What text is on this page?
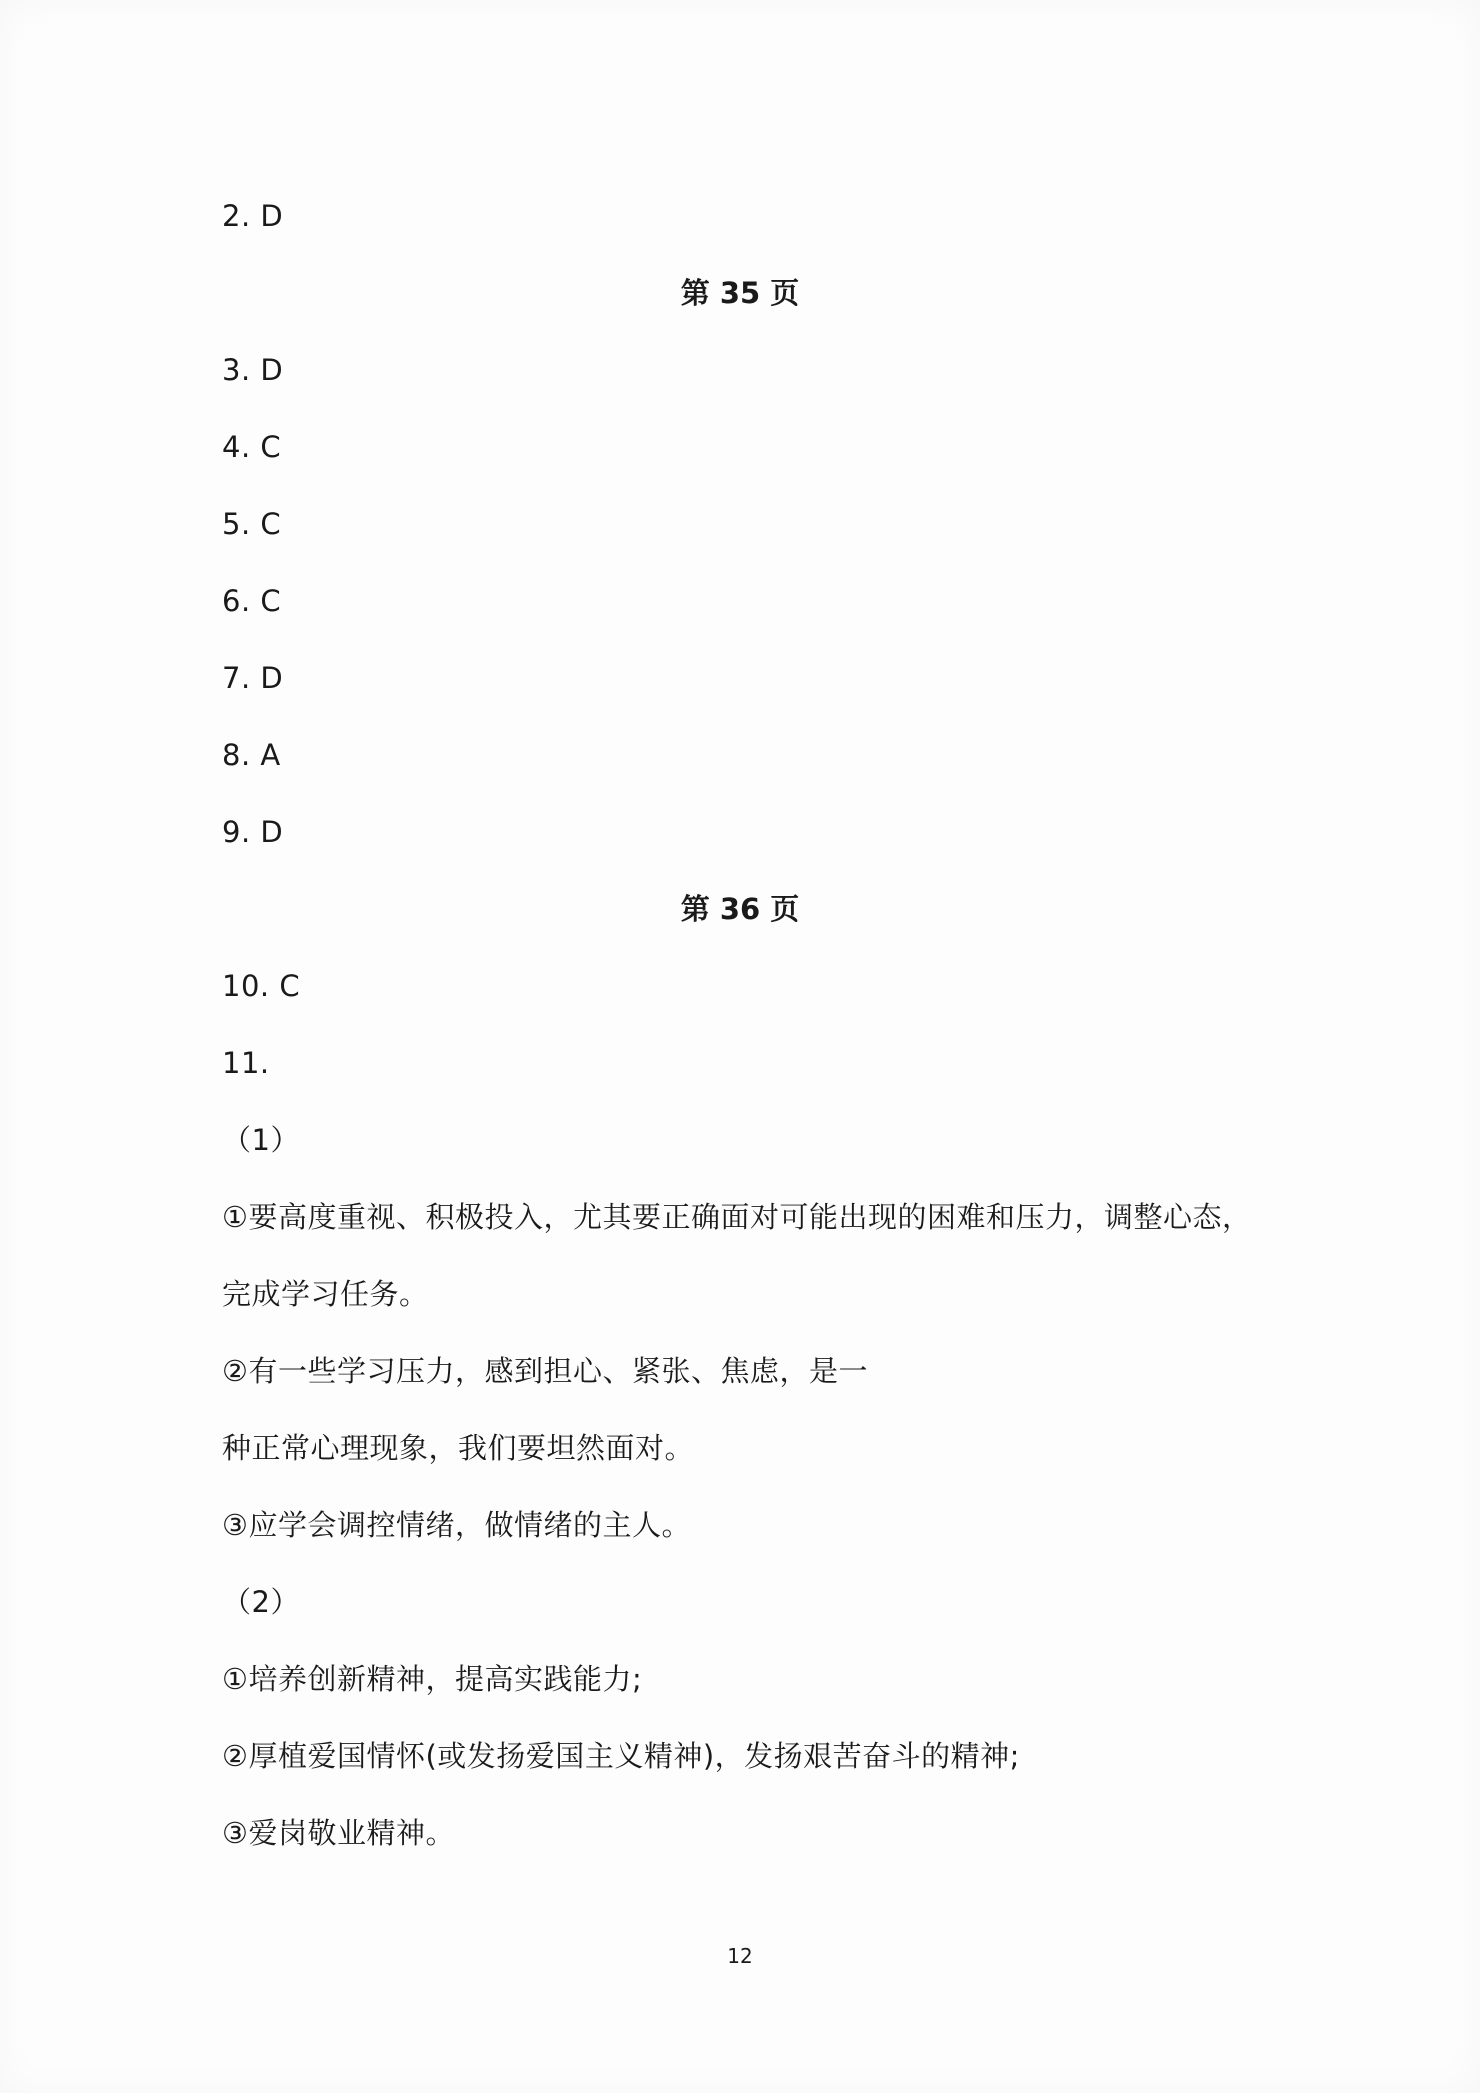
2. D
第 35 页
3. D
4. C
5. C
6. C
7. D
8. A
9. D
第 36 页
10. C
11.
（1）
①要高度重视、积极投入，尤其要正确面对可能出现的困难和压力，调整心态，
完成学习任务。
②有一些学习压力，感到担心、紧张、焦虑，是一
种正常心理现象，我们要坦然面对。
③应学会调控情绪，做情绪的主人。
（2）
①培养创新精神，提高实践能力;
②厚植爱国情怀(或发扬爱国主义精神)，发扬艰苦奋斗的精神;
③爱岗敬业精神。
12
